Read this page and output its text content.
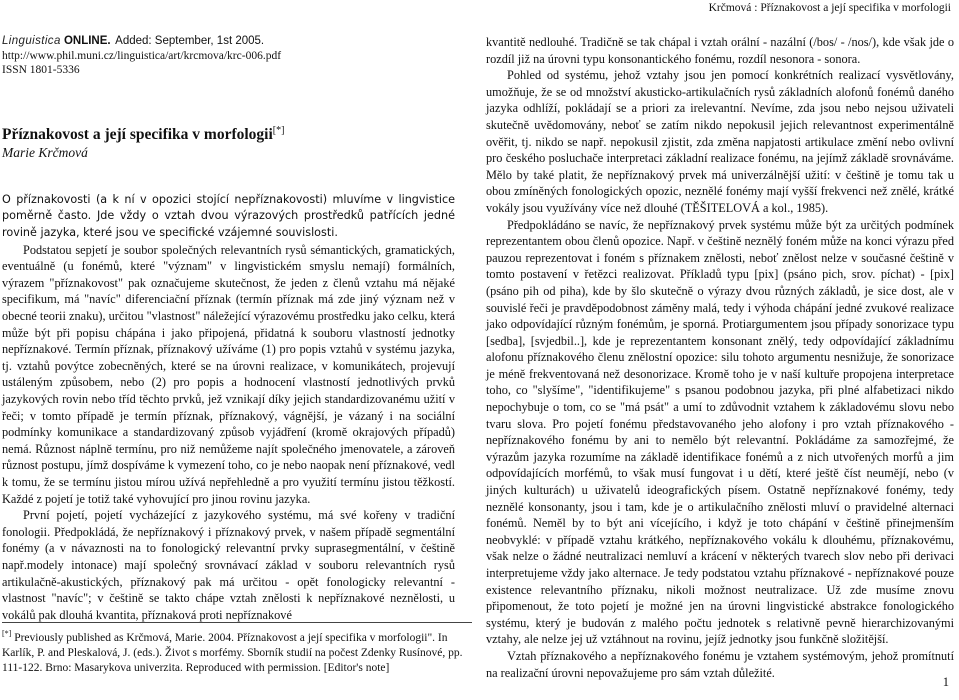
Krčmová : Příznakovost a její specifika v morfologii
Linguistica ONLINE. Added: September, 1st 2005.
http://www.phil.muni.cz/linguistica/art/krcmova/krc-006.pdf
ISSN 1801-5336
Příznakovost a její specifika v morfologii[*]
Marie Krčmová

O příznakovosti (a k ní v opozici stojící nepříznakovosti) mluvíme v lingvistice poměrně často. Jde vždy o vztah dvou výrazových prostředků patřících jedné rovině jazyka, které jsou ve specifické vzájemné souvislosti.

Podstatou sepjetí je soubor společných relevantních rysů sémantických, gramatických, eventuálně (u fonémů, které "význam" v lingvistickém smyslu nemají) formálních, výrazem "příznakovost" pak označujeme skutečnost, že jeden z členů vztahu má nějaké specifikum, má "navíc" diferenciační příznak (termín příznak má zde jiný význam než v obecné teorii znaku), určitou "vlastnost" náležející výrazovému prostředku jako celku, která může být při popisu chápána i jako připojená, přidatná k souboru vlastností jednotky nepříznakové. Termín příznak, příznakový užíváme (1) pro popis vztahů v systému jazyka, tj. vztahů povýtce zobecněných, které se na úrovni realizace, v komunikátech, projevují ustáleným způsobem, nebo (2) pro popis a hodnocení vlastností jednotlivých prvků jazykových rovin nebo tříd těchto prvků, jež vznikají díky jejich standardizovanému užití v řeči; v tomto případě je termín příznak, příznakový, vágnější, je vázaný i na sociální podmínky komunikace a standardizovaný způsob vyjádření (kromě okrajových případů) nemá. Různost náplně termínu, pro niž nemůžeme najít společného jmenovatele, a zároveň různost postupu, jímž dospíváme k vymezení toho, co je nebo naopak není příznakové, vedl k tomu, že se termínu jistou mírou užívá nepřehledně a pro využití termínu jistou těžkostí. Každé z pojetí je totiž také vyhovující pro jinou rovinu jazyka.

První pojetí, pojetí vycházející z jazykového systému, má své kořeny v tradiční fonologii. Předpokládá, že nepříznakový i příznakový prvek, v našem případě segmentální fonémy (a v návaznosti na to fonologický relevantní prvky suprasegmentální, v češtině např.modely intonace) mají společný srovnávací základ v souboru relevantních rysů artikulačně-akustických, příznakový pak má určitou - opět fonologicky relevantní - vlastnost "navíc"; v češtině se takto chápe vztah znělosti k nepříznakové neznělosti, u vokálů pak dlouhá kvantita, příznaková proti nepříznakové

kvantitě nedlouhé. Tradičně se tak chápal i vztah orální - nazální (/bos/ - /nos/), kde však jde o rozdíl již na úrovni typu konsonantického fonému, rozdíl nesonora - sonora.

Pohled od systému, jehož vztahy jsou jen pomocí konkrétních realizací vysvětlovány, umožňuje, že se od množství akusticko-artikulačních rysů základních alofonů fonémů daného jazyka odhlíží, pokládají se a priori za irelevantní. Nevíme, zda jsou nebo nejsou uživateli skutečně uvědomovány, neboť se zatím nikdo nepokusil jejich relevantnost experimentálně ověřit, tj. nikdo se např. nepokusil zjistit, zda změna napjatosti artikulace změní nebo ovlivní pro českého posluchače interpretaci základní realizace fonému, na jejímž základě srovnáváme. Mělo by také platit, že nepříznakový prvek má univerzálnější užití: v češtině je tomu tak u obou zmíněných fonologických opozic, neznělé fonémy mají vyšší frekvenci než znělé, krátké vokály jsou využívány více než dlouhé (TĚŠITELOVÁ a kol., 1985).

Předpokládáno se navíc, že nepříznakový prvek systému může být za určitých podmínek reprezentantem obou členů opozice. Např. v češtině neznělý foném může na konci výrazu před pauzou reprezentovat i foném s příznakem znělosti, neboť znělost nelze v současné češtině v tomto postavení v řetězci realizovat. Příkladů typu [pix] (psáno pich, srov. píchat) - [pix] (psáno pih od piha), kde by šlo skutečně o výrazy dvou různých základů, je sice dost, ale v souvislé řeči je pravděpodobnost záměny malá, tedy i výhoda chápání jedné zvukové realizace jako odpovídající různým fonémům, je sporná. Protiargumentem jsou případy sonorizace typu [sedba], [svjedbil..], kde je reprezentantem konsonant znělý, tedy odpovídající základnímu alofonu příznakového členu znělostní opozice: silu tohoto argumentu nesnižuje, že sonorizace je méně frekventovaná než desonorizace. Kromě toho je v naší kultuře propojena interpretace toho, co "slyšíme", "identifikujeme" s psanou podobnou jazyka, při plné alfabetizaci nikdo nepochybuje o tom, co se "má psát" a umí to zdůvodnit vztahem k základovému slovu nebo tvaru slova. Pro pojetí fonému představovaného jeho alofony i pro vztah příznakového - nepříznakového fonému by ani to nemělo být relevantní. Pokládáme za samozřejmé, že výrazům jazyka rozumíme na základě identifikace fonémů a z nich utvořených morfů a jim odpovídajících morfémů, to však musí fungovat i u dětí, které ještě číst neumějí, nebo (v jiných kulturách) u uživatelů ideografických písem. Ostatně nepříznakové fonémy, tedy neznělé konsonanty, jsou i tam, kde je o artikulačního znělosti mluví o pravidelné alternaci fonémů. Neměl by to být ani vícejícího, i když je toto chápání v češtině přinejmenším neobvyklé: v případě vztahu krátkého, nepříznakového vokálu k dlouhému, příznakovému, však nelze o žádné neutralizaci nemluví a krácení v některých tvarech slov nebo při derivaci interpretujeme vždy jako alternace. Je tedy podstatou vztahu příznakové - nepříznakové pouze existence relevantního příznaku, nikoli možnost neutralizace. Už zde musíme znovu připomenout, že toto pojetí je možné jen na úrovni lingvistické abstrakce fonologického systému, který je budován z malého počtu jednotek s relativně pevně hierarchizovanými vztahy, ale nelze jej už vztáhnout na rovinu, jejíž jednotky jsou funkčně složitější.

Vztah příznakového a nepříznakového fonému je vztahem systémovým, jehož promítnutí na realizační úrovni nepovažujeme pro sám vztah důležité.

[*] Previously published as Krčmová, Marie. 2004. Příznakovost a její specifika v morfologii". In Karlík, P. and Pleskalová, J. (eds.). Život s morfémy. Sborník studií na počest Zdenky Rusínové, pp. 111-122. Brno: Masarykova univerzita. Reproduced with permission. [Editor's note]
1
